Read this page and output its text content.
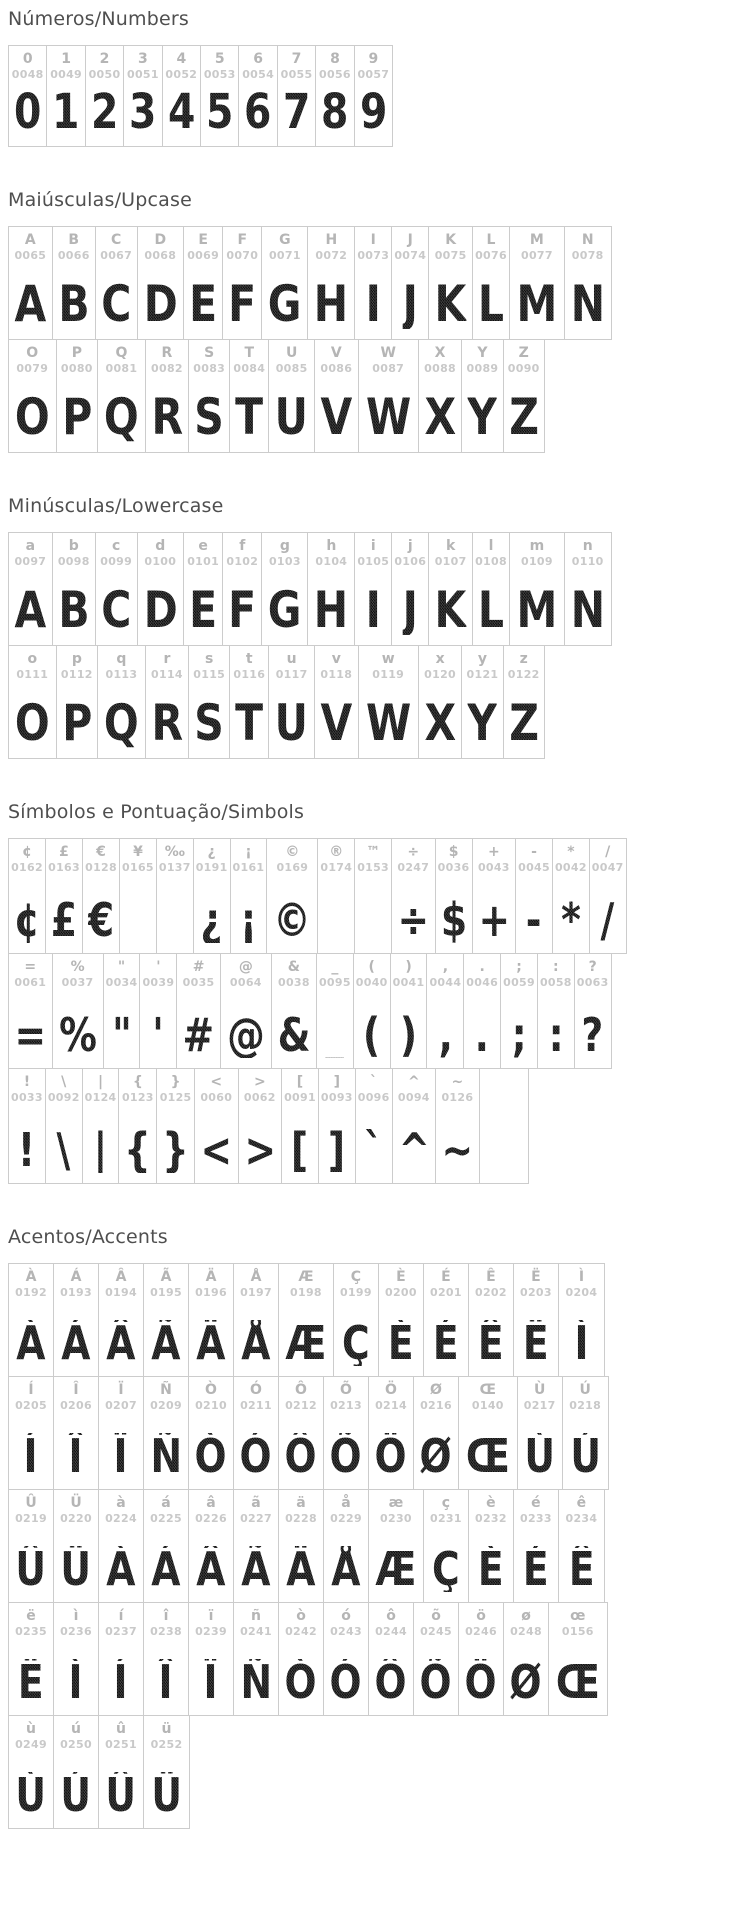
Números/Numbers
0
0048
0
1
0049
1
2
0050
2
3
0051
3
4
0052
4
5
0053
5
6
0054
6
7
0055
7
8
0056
8
9
0057
9
Maiúsculas/Upcase
A
0065
A
B
0066
B
C
0067
C
D
0068
D
E
0069
E
F
0070
F
G
0071
G
H
0072
H
I
0073
I
J
0074
J
K
0075
K
L
0076
L
M
0077
M
N
0078
N
O
0079
O
P
0080
P
Q
0081
Q
R
0082
R
S
0083
S
T
0084
T
U
0085
U
V
0086
V
W
0087
W
X
0088
X
Y
0089
Y
Z
0090
Z
Minúsculas/Lowercase
a
0097
A
b
0098
B
c
0099
C
d
0100
D
e
0101
E
f
0102
F
g
0103
G
h
0104
H
i
0105
I
j
0106
J
k
0107
K
l
0108
L
m
0109
M
n
0110
N
o
0111
O
p
0112
P
q
0113
Q
r
0114
R
s
0115
S
t
0116
T
u
0117
U
v
0118
V
w
0119
W
x
0120
X
y
0121
Y
z
0122
Z
Símbolos e Pontuação/Simbols
¢
0162
¢
£
0163
£
€
0128
€
¥
0165
‰
0137
¿
0191
¿
¡
0161
¡
©
0169
©
®
0174
™
0153
÷
0247
÷
$
0036
$
+
0043
+
-
0045
-
*
0042
*
/
0047
/
=
0061
=
%
0037
%
"
0034
"
'
0039
'
#
0035
#
@
0064
@
&
0038
&
_
0095
_
(
0040
(
)
0041
)
,
0044
,
.
0046
.
;
0059
;
:
0058
:
?
0063
?
!
0033
!
\
0092
\
|
0124
|
{
0123
{
}
0125
}
<
0060
<
>
0062
>
[
0091
[
]
0093
]
`
0096
`
^
0094
^
~
0126
~
Acentos/Accents
À
0192
À
Á
0193
Á
Â
0194
Â
Ã
0195
Ã
Ä
0196
Ä
Å
0197
Å
Æ
0198
Æ
Ç
0199
Ç
È
0200
È
É
0201
É
Ê
0202
Ê
Ë
0203
Ë
Ì
0204
Ì
Í
0205
Í
Î
0206
Î
Ï
0207
Ï
Ñ
0209
Ñ
Ò
0210
Ò
Ó
0211
Ó
Ô
0212
Ô
Õ
0213
Õ
Ö
0214
Ö
Ø
0216
Ø
Œ
0140
Œ
Ù
0217
Ù
Ú
0218
Ú
Û
0219
Û
Ü
0220
Ü
à
0224
À
á
0225
Á
â
0226
Â
ã
0227
Ã
ä
0228
Ä
å
0229
Å
æ
0230
Æ
ç
0231
Ç
è
0232
È
é
0233
É
ê
0234
Ê
ë
0235
Ë
ì
0236
Ì
í
0237
Í
î
0238
Î
ï
0239
Ï
ñ
0241
Ñ
ò
0242
Ò
ó
0243
Ó
ô
0244
Ô
õ
0245
Õ
ö
0246
Ö
ø
0248
Ø
œ
0156
Œ
ù
0249
Ù
ú
0250
Ú
û
0251
Û
ü
0252
Ü
